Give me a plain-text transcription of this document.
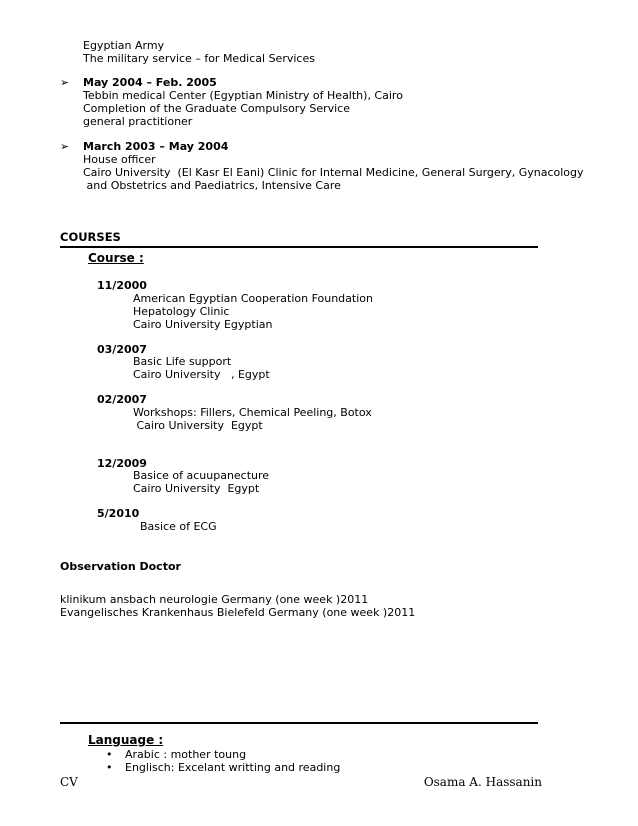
Egyptian Army
The military service – for Medical Services
➢ May 2004 – Feb. 2005
Tebbin medical Center (Egyptian Ministry of Health), Cairo
Completion of the Graduate Compulsory Service
general practitioner
➢ March 2003 – May 2004
House officer
Cairo University  (El Kasr El Eani) Clinic for Internal Medicine, General Surgery, Gynacology
and Obstetrics and Paediatrics, Intensive Care
COURSES
Course :
11/2000
American Egyptian Cooperation Foundation
Hepatology Clinic
Cairo University Egyptian
03/2007
Basic Life support
Cairo University   , Egypt
02/2007
Workshops: Fillers, Chemical Peeling, Botox
Cairo University  Egypt
12/2009
Basice of acuupanecture
Cairo University  Egypt
5/2010
Basice of ECG
Observation Doctor
klinikum ansbach neurologie Germany (one week )2011
Evangelisches Krankenhaus Bielefeld Germany (one week )2011
Language :
• Arabic : mother toung
• Englisch: Excelant writting and reading
CV	Osama A. Hassanin
